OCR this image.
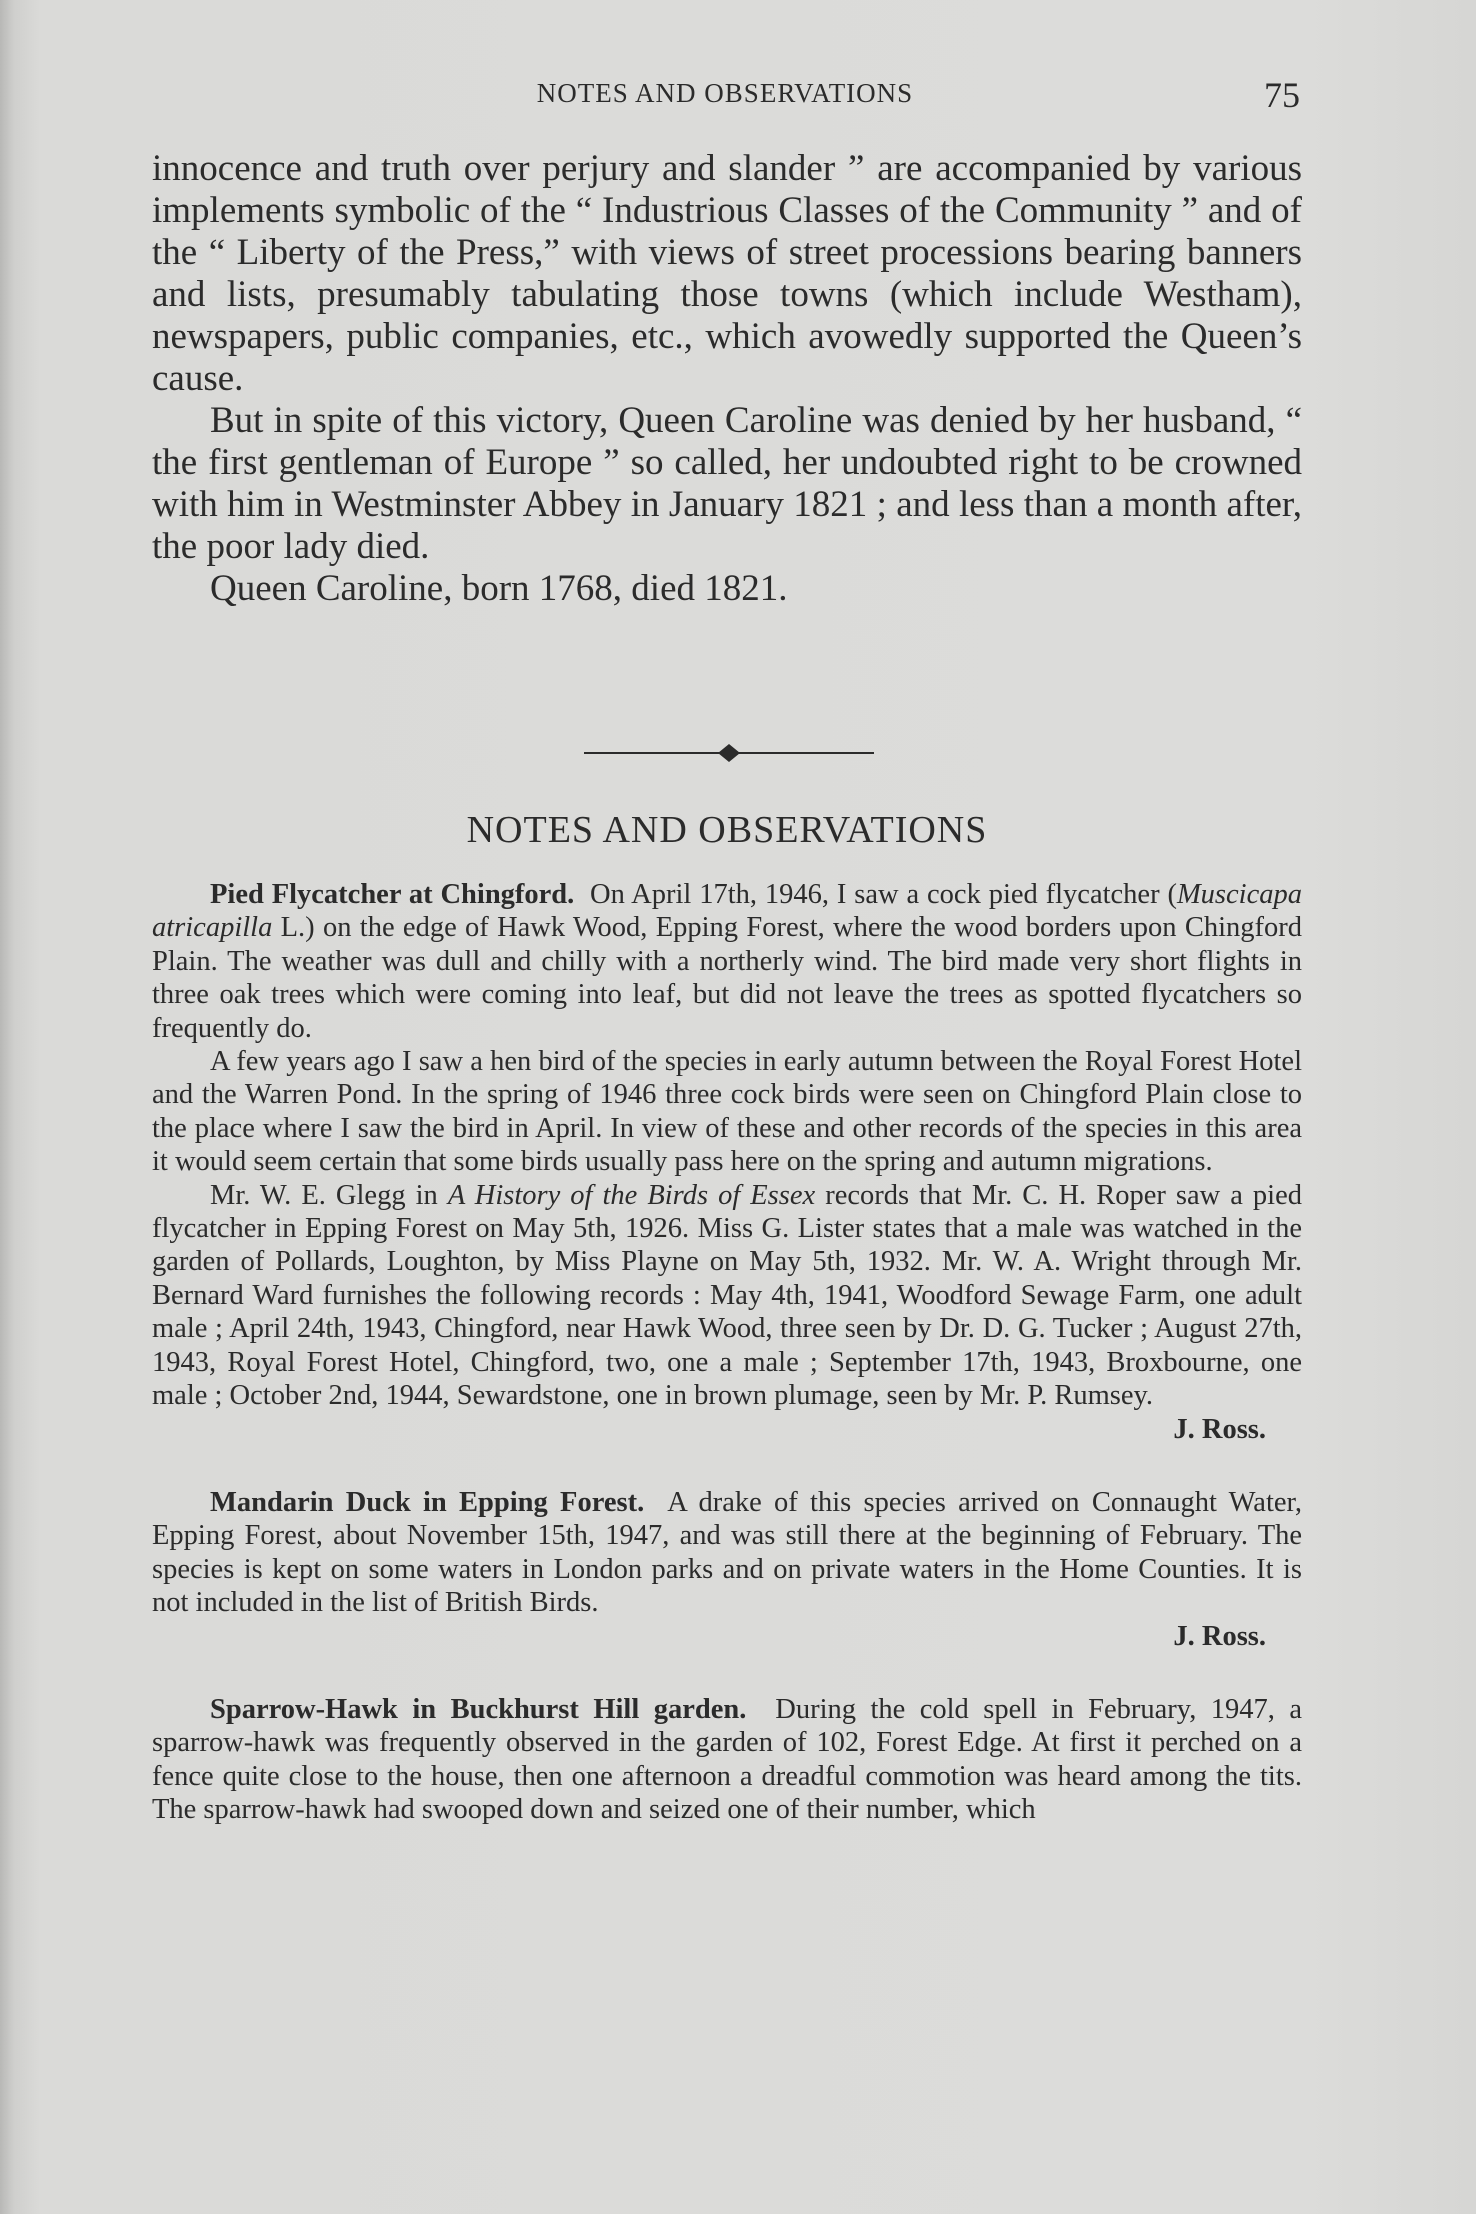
NOTES AND OBSERVATIONS	75

innocence and truth over perjury and slander ” are accompanied by various implements symbolic of the “ Industrious Classes of the Community ” and of the “ Liberty of the Press,” with views of street processions bearing banners and lists, presumably tabulating those towns (which include Westham), newspapers, public companies, etc., which avowedly supported the Queen’s cause.

But in spite of this victory, Queen Caroline was denied by her husband, “ the first gentleman of Europe ” so called, her undoubted right to be crowned with him in Westminster Abbey in January 1821 ; and less than a month after, the poor lady died.

Queen Caroline, born 1768, died 1821.

NOTES AND OBSERVATIONS

Pied Flycatcher at Chingford. On April 17th, 1946, I saw a cock pied flycatcher (Muscicapa atricapilla L.) on the edge of Hawk Wood, Epping Forest, where the wood borders upon Chingford Plain. The weather was dull and chilly with a northerly wind. The bird made very short flights in three oak trees which were coming into leaf, but did not leave the trees as spotted flycatchers so frequently do.

A few years ago I saw a hen bird of the species in early autumn between the Royal Forest Hotel and the Warren Pond. In the spring of 1946 three cock birds were seen on Chingford Plain close to the place where I saw the bird in April. In view of these and other records of the species in this area it would seem certain that some birds usually pass here on the spring and autumn migrations.

Mr. W. E. Glegg in A History of the Birds of Essex records that Mr. C. H. Roper saw a pied flycatcher in Epping Forest on May 5th, 1926. Miss G. Lister states that a male was watched in the garden of Pollards, Loughton, by Miss Playne on May 5th, 1932. Mr. W. A. Wright through Mr. Bernard Ward furnishes the following records : May 4th, 1941, Woodford Sewage Farm, one adult male ; April 24th, 1943, Chingford, near Hawk Wood, three seen by Dr. D. G. Tucker ; August 27th, 1943, Royal Forest Hotel, Chingford, two, one a male ; September 17th, 1943, Broxbourne, one male ; October 2nd, 1944, Sewardstone, one in brown plumage, seen by Mr. P. Rumsey.

J. Ross.

Mandarin Duck in Epping Forest. A drake of this species arrived on Connaught Water, Epping Forest, about November 15th, 1947, and was still there at the beginning of February. The species is kept on some waters in London parks and on private waters in the Home Counties. It is not included in the list of British Birds.

J. Ross.

Sparrow-Hawk in Buckhurst Hill garden. During the cold spell in February, 1947, a sparrow-hawk was frequently observed in the garden of 102, Forest Edge. At first it perched on a fence quite close to the house, then one afternoon a dreadful commotion was heard among the tits. The sparrow-hawk had swooped down and seized one of their number, which
